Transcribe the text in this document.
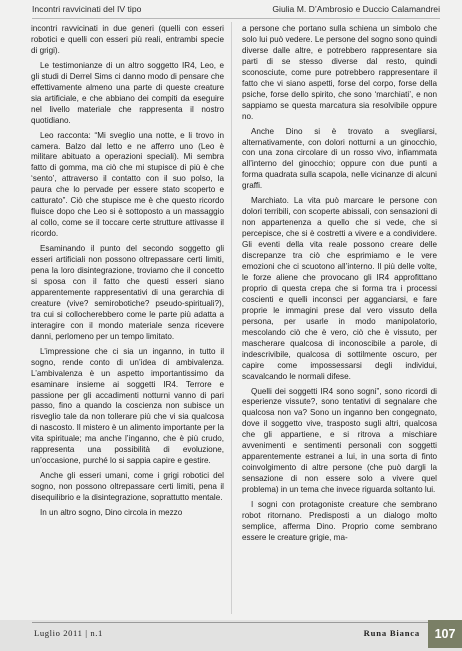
Incontri ravvicinati del IV tipo	Giulia M. D’Ambrosio e Duccio Calamandrei

incontri ravvicinati in due generi (quelli con esseri robotici e quelli con esseri più reali, entrambi specie di grigi).

Le testimonianze di un altro soggetto IR4, Leo, e gli studi di Derrel Sims ci danno modo di pensare che effettivamente almeno una parte di queste creature sia artificiale, e che abbiano dei compiti da eseguire nel livello materiale che rappresenta il nostro quotidiano.

Leo racconta: “Mi sveglio una notte, e li trovo in camera. Balzo dal letto e ne afferro uno (Leo è militare abituato a operazioni speciali). Mi sembra fatto di gomma, ma ciò che mi stupisce di più è che ‘sento’, attraverso il contatto con il suo polso, la paura che lo pervade per essere stato scoperto e catturato”. Ciò che stupisce me è che questo ricordo fluisce dopo che Leo si è sottoposto a un massaggio al collo, come se il toccare certe strutture attivasse il ricordo.

Esaminando il punto del secondo soggetto gli esseri artificiali non possono oltrepassare certi limiti, pena la loro disintegrazione, troviamo che il concetto si sposa con il fatto che questi esseri siano apparentemente rappresentativi di una gerarchia di creature (vive? semirobotiche? pseudo-spirituali?), tra cui si collocherebbero come le parte più adatta a interagire con il mondo materiale senza ricevere danni, perlomeno per un tempo limitato.

L’impressione che ci sia un inganno, in tutto il sogno, rende conto di un’idea di ambivalenza. L’ambivalenza è un aspetto importantissimo da esaminare insieme ai soggetti IR4. Terrore e passione per gli accadimenti notturni vanno di pari passo, fino a quando la coscienza non subisce un risveglio tale da non tollerare più che vi sia qualcosa di nascosto. Il mistero è un alimento importante per la vita spirituale; ma anche l’inganno, che è più crudo, rappresenta una possibilità di evoluzione, un’occasione, purché lo si sappia capire e gestire.

Anche gli esseri umani, come i grigi robotici del sogno, non possono oltrepassare certi limiti, pena il disequilibrio e la disintegrazione, soprattutto mentale.

In un altro sogno, Dino circola in mezzo

a persone che portano sulla schiena un simbolo che solo lui può vedere. Le persone del sogno sono quindi diverse dalle altre, e potrebbero rappresentare sia parti di se stesso diverse dal resto, quindi sconosciute, come pure potrebbero rappresentare il fatto che vi siano aspetti, forse del corpo, forse della psiche, forse dello spirito, che sono ‘marchiati’, e non sappiamo se questa marcatura sia resolvibile oppure no.

Anche Dino si è trovato a svegliarsi, alternativamente, con dolori notturni a un ginocchio, con una zona circolare di un rosso vivo, infiammata all’interno del ginocchio; oppure con due punti a forma quadrata sulla scapola, nelle vicinanze di alcuni graffi.

Marchiato. La vita può marcare le persone con dolori terribili, con scoperte abissali, con sensazioni di non appartenenza a quello che si vede, che si percepisce, che si è costretti a vivere e a condividere. Gli eventi della vita reale possono creare delle discrepanze tra ciò che esprimiamo e le vere emozioni che ci scuotono all’interno. Il più delle volte, le forze aliene che provocano gli IR4 approfittano proprio di questa crepa che si forma tra i processi coscienti e quelli inconsci per agganciarsi, e fare proprie le immagini prese dal vero vissuto della persona, per usarle in modo manipolatorio, mescolando ciò che è vero, ciò che è vissuto, per mascherare qualcosa di inconoscibile a parole, di indescrivibile, qualcosa di sottilmente oscuro, per capire come impossessarsi degli individui, scavalcando le normali difese.

Quelli dei soggetti IR4 sono sogni”, sono ricordi di esperienze vissute?, sono tentativi di segnalare che qualcosa non va? Sono un inganno ben congegnato, dove il soggetto vive, trasposto sugli altri, qualcosa che gli appartiene, e si ritrova a mischiare avvenimenti e sentimenti personali con soggetti apparentemente estranei a lui, in una sorta di finto coinvolgimento di altre persone (che può dargli la sensazione di non essere solo a vivere quel problema) in un tema che invece riguarda soltanto lui.

I sogni con protagoniste creature che sembrano robot ritornano. Predisposti a un dialogo molto semplice, afferma Dino. Proprio come sembrano essere le creature grigie, ma-

Luglio 2011 | n.1	Runa Bianca	107
